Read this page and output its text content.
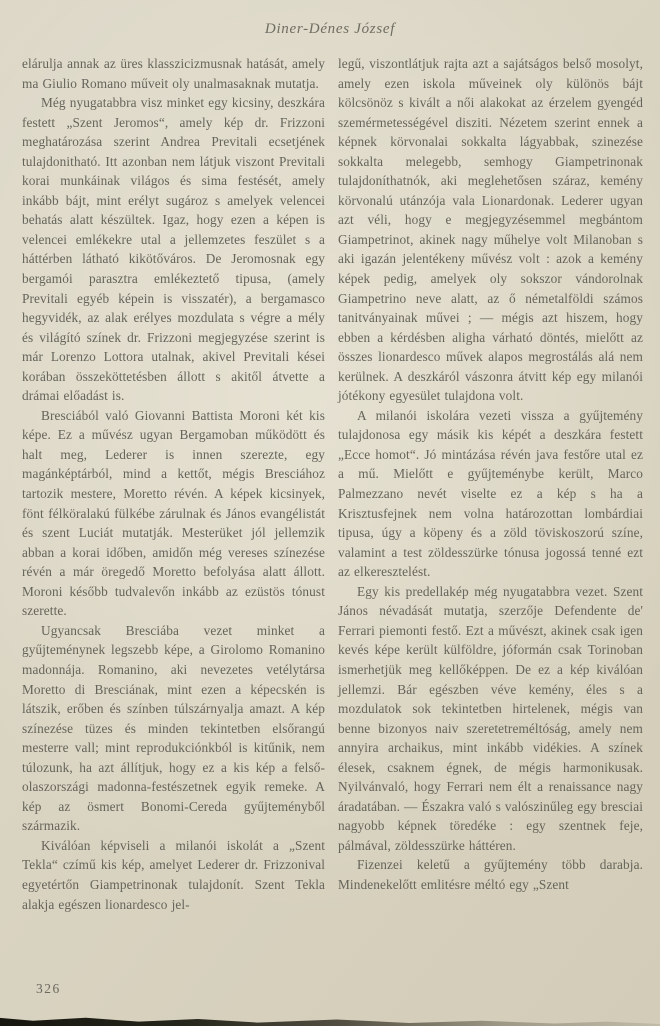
Diner-Dénes József

elárulja annak az üres klasszicizmusnak hatását, amely ma Giulio Romano műveit oly unalmasaknak mutatja.

Még nyugatabbra visz minket egy kicsiny, deszkára festett „Szent Jeromos“, amely kép dr. Frizzoni meghatározása szerint Andrea Previtali ecsetjének tulajdonitható. Itt azonban nem látjuk viszont Previtali korai munkáinak világos és sima festését, amely inkább bájt, mint erélyt sugároz s amelyek velencei behatás alatt készültek. Igaz, hogy ezen a képen is velencei emlékekre utal a jellemzetes feszület s a háttérben látható kikötőváros. De Jeromosnak egy bergamói parasztra emlékeztető tipusa, (amely Previtali egyéb képein is visszatér), a bergamasco hegyvidék, az alak erélyes mozdulata s végre a mély és világító színek dr. Frizzoni megjegyzése szerint is már Lorenzo Lottora utalnak, akivel Previtali kései korában összeköttetésben állott s akitől átvette a drámai előadást is.

Bresciából való Giovanni Battista Moroni két kis képe. Ez a művész ugyan Bergamoban működött és halt meg, Lederer is innen szerezte, egy magánképtárból, mind a kettőt, mégis Bresciához tartozik mestere, Moretto révén. A képek kicsinyek, fönt félköralakú fülkébe zárulnak és János evangélistát és szent Luciát mutatják. Mesterüket jól jellemzik abban a korai időben, amidőn még vereses színezése révén a már öregedő Moretto befolyása alatt állott. Moroni később tudvalevőn inkább az ezüstös tónust szerette.

Ugyancsak Bresciába vezet minket a gyűjteménynek legszebb képe, a Girolomo Romanino madonnája. Romanino, aki nevezetes vetélytársa Moretto di Bresciának, mint ezen a képecskén is látszik, erőben és színben túlszárnyalja amazt. A kép színezése tüzes és minden tekintetben elsőrangú mesterre vall; mint reprodukciónkból is kitűnik, nem túlozunk, ha azt állítjuk, hogy ez a kis kép a felső-olaszországi madonna-festészetnek egyik remeke. A kép az ösmert Bonomi-Cereda gyűjteményből származik.

Kiválóan képviseli a milanói iskolát a „Szent Tekla“ czímű kis kép, amelyet Lederer dr. Frizzonival egyetértőn Giampetrinonak tulajdonít. Szent Tekla alakja egészen lionardesco jel-

legű, viszontlátjuk rajta azt a sajátságos belső mosolyt, amely ezen iskola műveinek oly különös bájt kölcsönöz s kivált a női alakokat az érzelem gyengéd szemérmetességével disziti. Nézetem szerint ennek a képnek körvonalai sokkalta lágyabbak, szinezése sokkalta melegebb, semhogy Giampetrinonak tulajdoníthatnók, aki meglehetősen száraz, kemény körvonalú utánzója vala Lionardonak. Lederer ugyan azt véli, hogy e megjegyzésemmel megbántom Giampetrinot, akinek nagy műhelye volt Milanoban s aki igazán jelentékeny művész volt : azok a kemény képek pedig, amelyek oly sokszor vándorolnak Giampetrino neve alatt, az ő németalföldi számos tanitványainak művei ; — mégis azt hiszem, hogy ebben a kérdésben aligha várható döntés, mielőtt az összes lionardesco művek alapos megrostálás alá nem kerülnek. A deszkáról vászonra átvitt kép egy milanói jótékony egyesület tulajdona volt.

A milanói iskolára vezeti vissza a gyűjtemény tulajdonosa egy másik kis képét a deszkára festett „Ecce homot“. Jó mintázása révén java festőre utal ez a mű. Mielőtt e gyűjteménybe került, Marco Palmezzano nevét viselte ez a kép s ha a Krisztusfejnek nem volna határozottan lombárdiai tipusa, úgy a köpeny és a zöld töviskoszorú színe, valamint a test zöldesszürke tónusa jogossá tenné ezt az elkeresztelést.

Egy kis predellakép még nyugatabbra vezet. Szent János névadását mutatja, szerzője Defendente de' Ferrari piemonti festő. Ezt a művészt, akinek csak igen kevés képe került külföldre, jóformán csak Torinoban ismerhetjük meg kellőképpen. De ez a kép kiválóan jellemzi. Bár egészben véve kemény, éles s a mozdulatok sok tekintetben hirtelenek, mégis van benne bizonyos naiv szeretetreméltóság, amely nem annyira archaikus, mint inkább vidékies. A színek élesek, csaknem égnek, de mégis harmonikusak. Nyilvánvaló, hogy Ferrari nem élt a renaissance nagy áradatában. — Északra való s valószinűleg egy bresciai nagyobb képnek töredéke : egy szentnek feje, pálmával, zöldesszürke háttéren.

Fizenzei keletű a gyűjtemény több darabja. Mindenekelőtt emlitésre méltó egy „Szent

326
